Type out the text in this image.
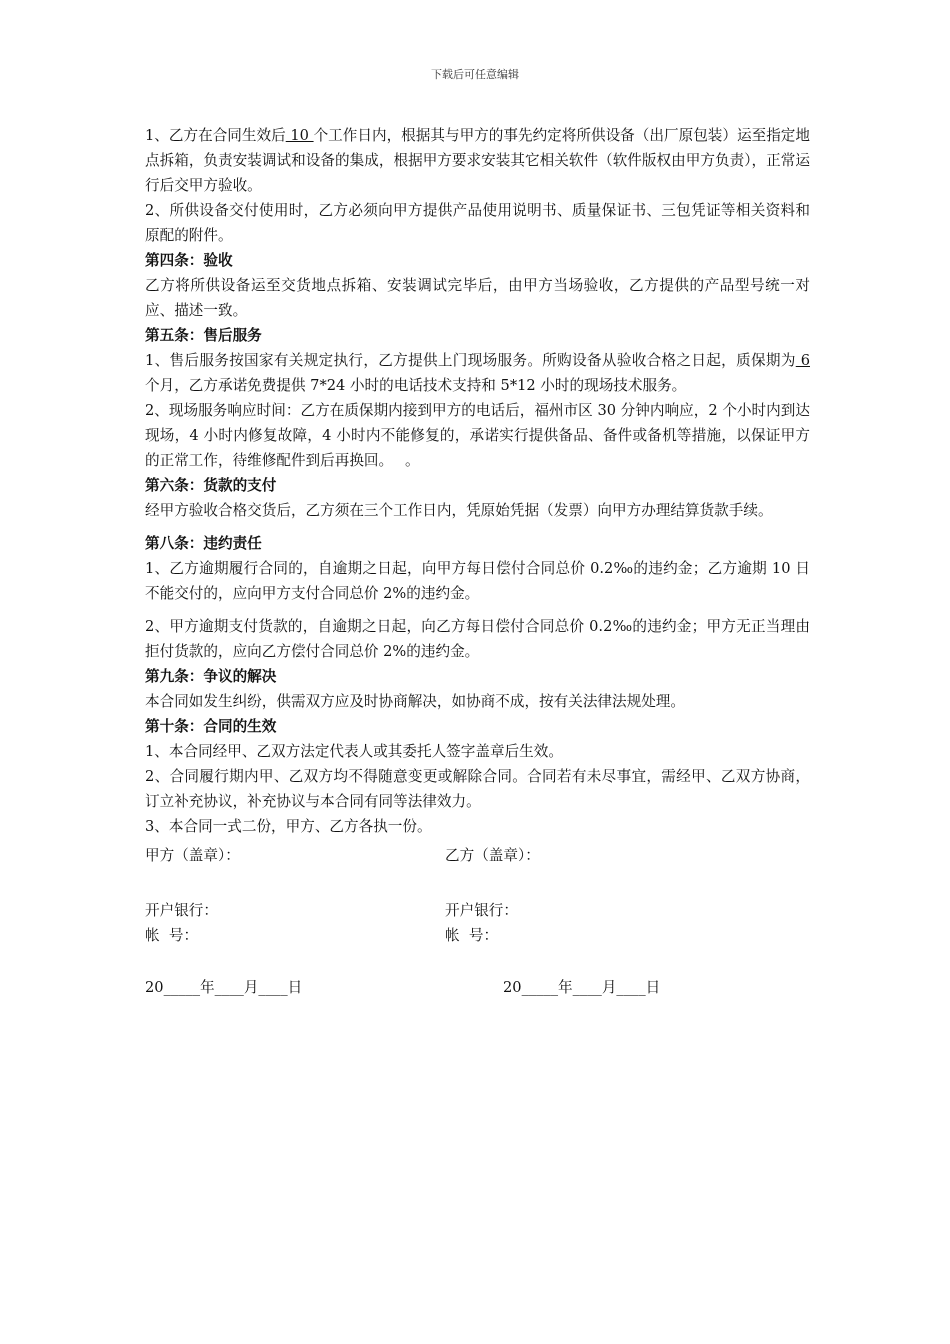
下载后可任意编辑

1、乙方在合同生效后 10 个工作日内，根据其与甲方的事先约定将所供设备（出厂原包装）运至指定地点拆箱，负责安装调试和设备的集成，根据甲方要求安装其它相关软件（软件版权由甲方负责），正常运行后交甲方验收。

2、所供设备交付使用时，乙方必须向甲方提供产品使用说明书、质量保证书、三包凭证等相关资料和原配的附件。

第四条：验收

乙方将所供设备运至交货地点拆箱、安装调试完毕后，由甲方当场验收，乙方提供的产品型号统一对应、描述一致。

第五条：售后服务

1、售后服务按国家有关规定执行，乙方提供上门现场服务。所购设备从验收合格之日起，质保期为 6 个月，乙方承诺免费提供 7*24 小时的电话技术支持和 5*12 小时的现场技术服务。

2、现场服务响应时间：乙方在质保期内接到甲方的电话后，福州市区 30 分钟内响应，2 个小时内到达现场，4 小时内修复故障，4 小时内不能修复的，承诺实行提供备品、备件或备机等措施，以保证甲方的正常工作，待维修配件到后再换回。　 。

第六条：货款的支付

经甲方验收合格交货后，乙方须在三个工作日内，凭原始凭据（发票）向甲方办理结算货款手续。

第八条：违约责任

1、乙方逾期履行合同的，自逾期之日起，向甲方每日偿付合同总价 0.2‰的违约金；乙方逾期 10 日不能交付的，应向甲方支付合同总价 2%的违约金。

2、甲方逾期支付货款的，自逾期之日起，向乙方每日偿付合同总价 0.2‰的违约金；甲方无正当理由拒付货款的，应向乙方偿付合同总价 2%的违约金。

第九条：争议的解决

本合同如发生纠纷，供需双方应及时协商解决，如协商不成，按有关法律法规处理。

第十条：合同的生效

1、本合同经甲、乙双方法定代表人或其委托人签字盖章后生效。

2、合同履行期内甲、乙双方均不得随意变更或解除合同。合同若有未尽事宜，需经甲、乙双方协商，订立补充协议，补充协议与本合同有同等法律效力。

3、本合同一式二份，甲方、乙方各执一份。

甲方（盖章）：	乙方（盖章）：
开户银行：	开户银行：
帐  号：	帐  号：
20_____年____月____日	20_____年____月____日
